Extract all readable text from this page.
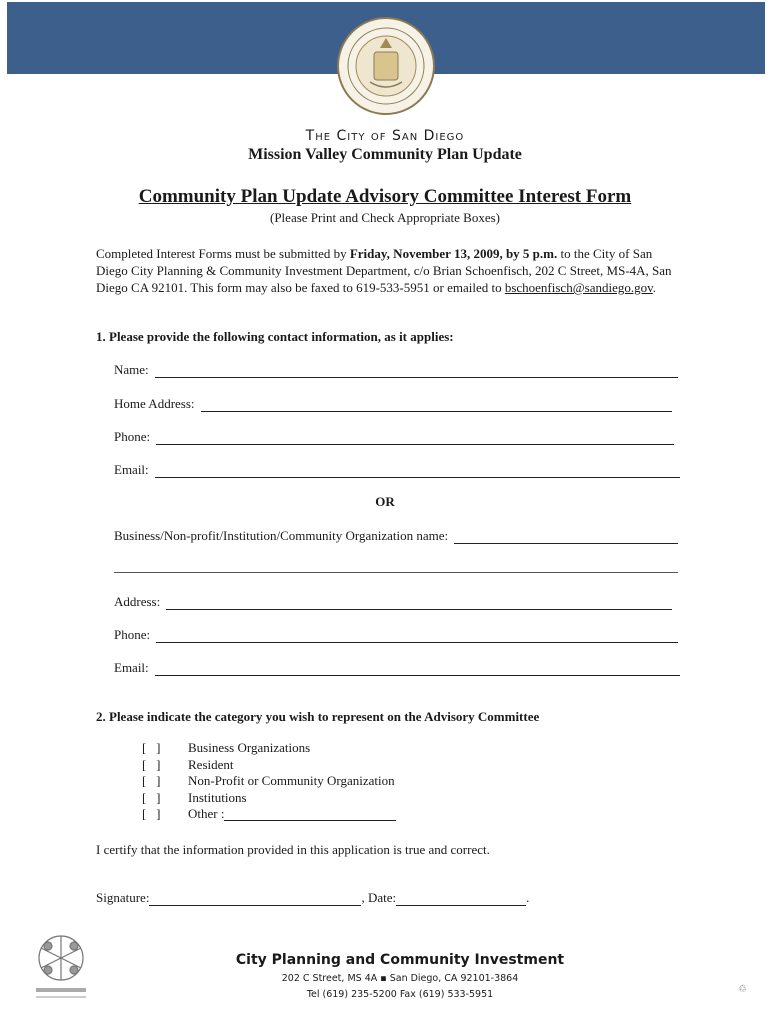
The City of San Diego
Mission Valley Community Plan Update
Community Plan Update Advisory Committee Interest Form
(Please Print and Check Appropriate Boxes)
Completed Interest Forms must be submitted by Friday, November 13, 2009, by 5 p.m. to the City of San Diego City Planning & Community Investment Department, c/o Brian Schoenfisch, 202 C Street, MS-4A, San Diego CA 92101. This form may also be faxed to 619-533-5951 or emailed to bschoenfisch@sandiego.gov.
1. Please provide the following contact information, as it applies:
Name:
Home Address:
Phone:
Email:
OR
Business/Non-profit/Institution/Community Organization name:
Address:
Phone:
Email:
2. Please indicate the category you wish to represent on the Advisory Committee
[   ]	Business Organizations
[   ]	Resident
[   ]	Non-Profit or Community Organization
[   ]	Institutions
[   ]	Other :
I certify that the information provided in this application is true and correct.
Signature:	, Date:	.
City Planning and Community Investment
202 C Street, MS 4A ▪ San Diego, CA 92101-3864
Tel (619) 235-5200 Fax (619) 533-5951	♲
